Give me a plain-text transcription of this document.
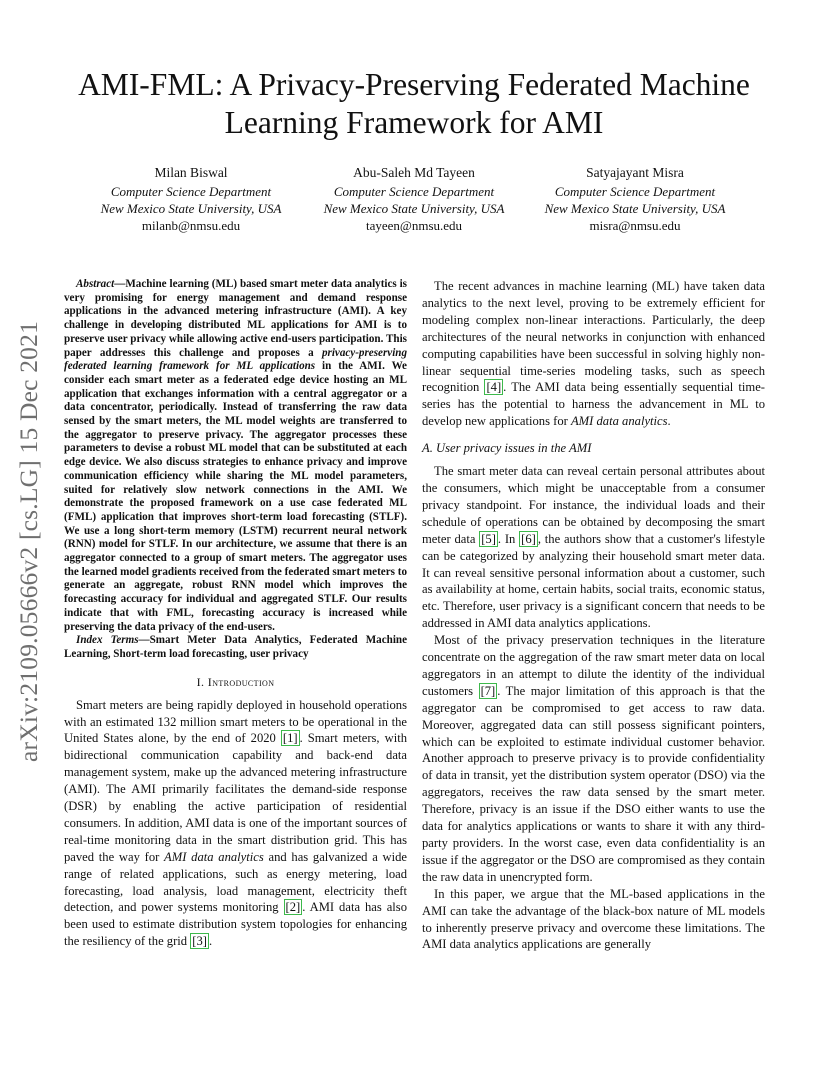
arXiv:2109.05666v2 [cs.LG] 15 Dec 2021
AMI-FML: A Privacy-Preserving Federated Machine Learning Framework for AMI
Milan Biswal
Computer Science Department
New Mexico State University, USA
milanb@nmsu.edu
Abu-Saleh Md Tayeen
Computer Science Department
New Mexico State University, USA
tayeen@nmsu.edu
Satyajayant Misra
Computer Science Department
New Mexico State University, USA
misra@nmsu.edu

Abstract—Machine learning (ML) based smart meter data analytics is very promising for energy management and demand response applications in the advanced metering infrastructure (AMI). A key challenge in developing distributed ML applications for AMI is to preserve user privacy while allowing active end-users participation. This paper addresses this challenge and proposes a privacy-preserving federated learning framework for ML applications in the AMI. We consider each smart meter as a federated edge device hosting an ML application that exchanges information with a central aggregator or a data concentrator, periodically. Instead of transferring the raw data sensed by the smart meters, the ML model weights are transferred to the aggregator to preserve privacy. The aggregator processes these parameters to devise a robust ML model that can be substituted at each edge device. We also discuss strategies to enhance privacy and improve communication efficiency while sharing the ML model parameters, suited for relatively slow network connections in the AMI. We demonstrate the proposed framework on a use case federated ML (FML) application that improves short-term load forecasting (STLF). We use a long short-term memory (LSTM) recurrent neural network (RNN) model for STLF. In our architecture, we assume that there is an aggregator connected to a group of smart meters. The aggregator uses the learned model gradients received from the federated smart meters to generate an aggregate, robust RNN model which improves the forecasting accuracy for individual and aggregated STLF. Our results indicate that with FML, forecasting accuracy is increased while preserving the data privacy of the end-users.

Index Terms—Smart Meter Data Analytics, Federated Machine Learning, Short-term load forecasting, user privacy

I. Introduction

Smart meters are being rapidly deployed in household operations with an estimated 132 million smart meters to be operational in the United States alone, by the end of 2020 [1] . Smart meters, with bidirectional communication capability and back-end data management system, make up the advanced metering infrastructure (AMI). The AMI primarily facilitates the demand-side response (DSR) by enabling the active participation of residential consumers. In addition, AMI data is one of the important sources of real-time monitoring data in the smart distribution grid. This has paved the way for AMI data analytics and has galvanized a wide range of related applications, such as energy metering, load forecasting, load analysis, load management, electricity theft detection, and power systems monitoring [2] . AMI data has also been used to estimate distribution system topologies for enhancing the resiliency of the grid [3] .

The recent advances in machine learning (ML) have taken data analytics to the next level, proving to be extremely efficient for modeling complex non-linear interactions. Particularly, the deep architectures of the neural networks in conjunction with enhanced computing capabilities have been successful in solving highly non-linear sequential time-series modeling tasks, such as speech recognition [4] . The AMI data being essentially sequential time-series has the potential to harness the advancement in ML to develop new applications for AMI data analytics.

A. User privacy issues in the AMI

The smart meter data can reveal certain personal attributes about the consumers, which might be unacceptable from a consumer privacy standpoint. For instance, the individual loads and their schedule of operations can be obtained by decomposing the smart meter data [5] . In [6] , the authors show that a customer's lifestyle can be categorized by analyzing their household smart meter data. It can reveal sensitive personal information about a customer, such as availability at home, certain habits, social traits, economic status, etc. Therefore, user privacy is a significant concern that needs to be addressed in AMI data analytics applications.

Most of the privacy preservation techniques in the literature concentrate on the aggregation of the raw smart meter data on local aggregators in an attempt to dilute the identity of the individual customers [7] . The major limitation of this approach is that the aggregator can be compromised to get access to raw data. Moreover, aggregated data can still possess significant pointers, which can be exploited to estimate individual customer behavior. Another approach to preserve privacy is to provide confidentiality of data in transit, yet the distribution system operator (DSO) via the aggregators, receives the raw data sensed by the smart meter. Therefore, privacy is an issue if the DSO either wants to use the data for analytics applications or wants to share it with any third-party providers. In the worst case, even data confidentiality is an issue if the aggregator or the DSO are compromised as they contain the raw data in unencrypted form.

In this paper, we argue that the ML-based applications in the AMI can take the advantage of the black-box nature of ML models to inherently preserve privacy and overcome these limitations. The AMI data analytics applications are generally
